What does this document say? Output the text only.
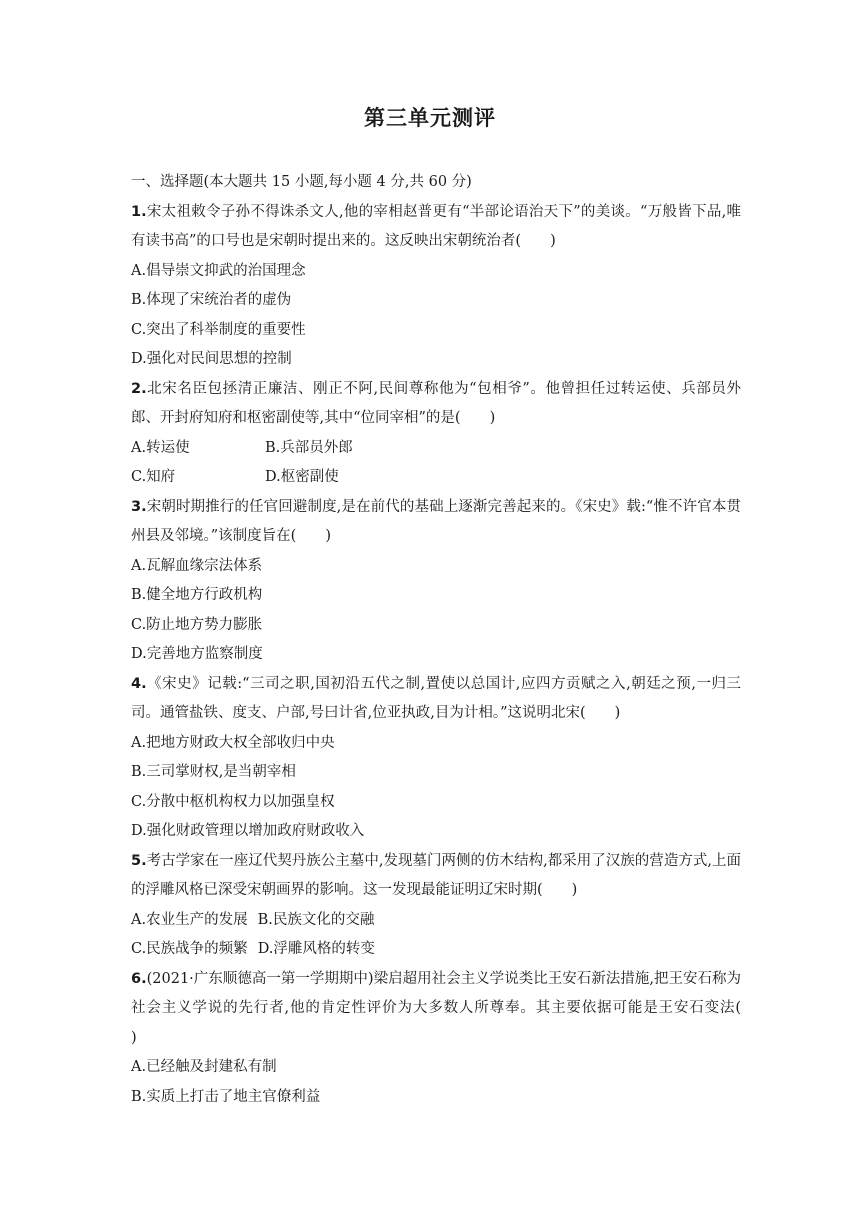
第三单元测评
一、选择题(本大题共 15 小题,每小题 4 分,共 60 分)
1.宋太祖敕令子孙不得诛杀文人,他的宰相赵普更有“半部论语治天下”的美谈。“万般皆下品,唯有读书高”的口号也是宋朝时提出来的。这反映出宋朝统治者(　　)
A.倡导崇文抑武的治国理念
B.体现了宋统治者的虚伪
C.突出了科举制度的重要性
D.强化对民间思想的控制
2.北宋名臣包拯清正廉洁、刚正不阿,民间尊称他为“包相爷”。他曾担任过转运使、兵部员外郎、开封府知府和枢密副使等,其中“位同宰相”的是(　　)
A.转运使	B.兵部员外郎
C.知府	D.枢密副使
3.宋朝时期推行的任官回避制度,是在前代的基础上逐渐完善起来的。《宋史》载:“惟不许官本贯州县及邻境。”该制度旨在(　　)
A.瓦解血缘宗法体系
B.健全地方行政机构
C.防止地方势力膨胀
D.完善地方监察制度
4.《宋史》记载:“三司之职,国初沿五代之制,置使以总国计,应四方贡赋之入,朝廷之预,一归三司。通管盐铁、度支、户部,号曰计省,位亚执政,目为计相。”这说明北宋(　　)
A.把地方财政大权全部收归中央
B.三司掌财权,是当朝宰相
C.分散中枢机构权力以加强皇权
D.强化财政管理以增加政府财政收入
5.考古学家在一座辽代契丹族公主墓中,发现墓门两侧的仿木结构,都采用了汉族的营造方式,上面的浮雕风格已深受宋朝画界的影响。这一发现最能证明辽宋时期(　　)
A.农业生产的发展 B.民族文化的交融
C.民族战争的频繁 D.浮雕风格的转变
6.(2021·广东顺德高一第一学期期中)梁启超用社会主义学说类比王安石新法措施,把王安石称为社会主义学说的先行者,他的肯定性评价为大多数人所尊奉。其主要依据可能是王安石变法(　　)
A.已经触及封建私有制
B.实质上打击了地主官僚利益
